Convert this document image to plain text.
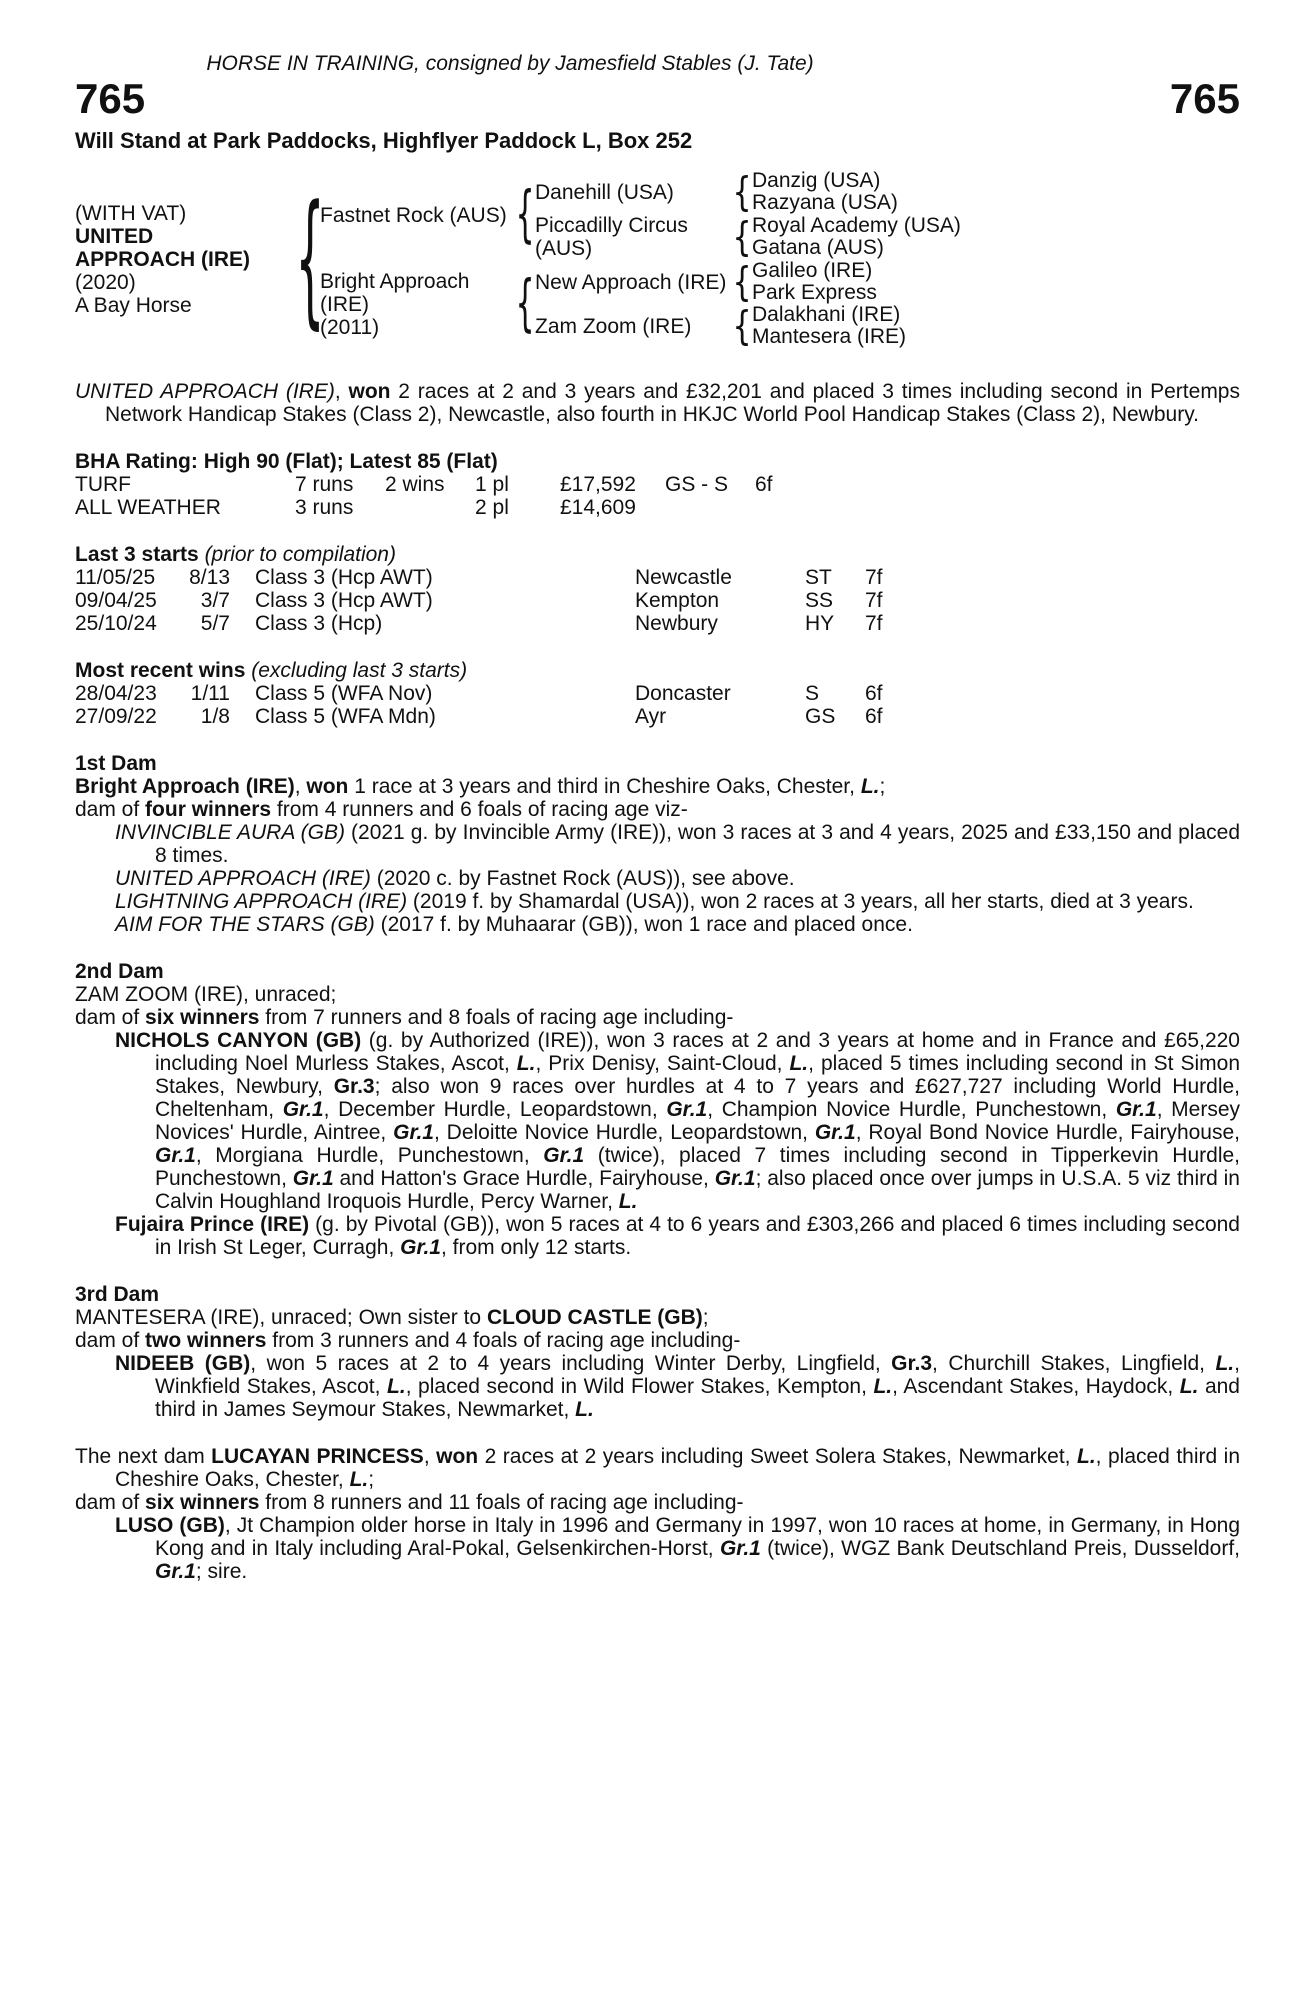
HORSE IN TRAINING, consigned by Jamesfield Stables (J. Tate)
765	765
Will Stand at Park Paddocks, Highflyer Paddock L, Box 252
(WITH VAT)
UNITED
APPROACH (IRE)
(2020)
A Bay Horse	{
Fastnet Rock (AUS) { Danehill (USA)	{ Danzig (USA)
Razyana (USA)
Piccadilly Circus (AUS)	{ Royal Academy (USA)
Gatana (AUS)
Bright Approach (IRE)
(2011)	{ New Approach (IRE) { Galileo (IRE)
Park Express
Zam Zoom (IRE)	{ Dalakhani (IRE)
Mantesera (IRE)
UNITED APPROACH (IRE), won 2 races at 2 and 3 years and £32,201 and placed 3 times including second in Pertemps Network Handicap Stakes (Class 2), Newcastle, also fourth in HKJC World Pool Handicap Stakes (Class 2), Newbury.
BHA Rating: High 90 (Flat); Latest 85 (Flat)
TURF	7 runs	2 wins	1 pl	£17,592	GS - S	6f
ALL WEATHER	3 runs	2 pl	£14,609
Last 3 starts (prior to compilation)
11/05/25	8/13	Class 3 (Hcp AWT)	Newcastle	ST	7f
09/04/25	3/7	Class 3 (Hcp AWT)	Kempton	SS	7f
25/10/24	5/7	Class 3 (Hcp)	Newbury	HY	7f
Most recent wins (excluding last 3 starts)
28/04/23	1/11	Class 5 (WFA Nov)	Doncaster	S	6f
27/09/22	1/8	Class 5 (WFA Mdn)	Ayr	GS	6f
1st Dam
Bright Approach (IRE), won 1 race at 3 years and third in Cheshire Oaks, Chester, L.;
dam of four winners from 4 runners and 6 foals of racing age viz-
INVINCIBLE AURA (GB) (2021 g. by Invincible Army (IRE)), won 3 races at 3 and 4 years, 2025 and £33,150 and placed 8 times.
UNITED APPROACH (IRE) (2020 c. by Fastnet Rock (AUS)), see above.
LIGHTNING APPROACH (IRE) (2019 f. by Shamardal (USA)), won 2 races at 3 years, all her starts, died at 3 years.
AIM FOR THE STARS (GB) (2017 f. by Muhaarar (GB)), won 1 race and placed once.
2nd Dam
ZAM ZOOM (IRE), unraced;
dam of six winners from 7 runners and 8 foals of racing age including-
NICHOLS CANYON (GB) (g. by Authorized (IRE)), won 3 races at 2 and 3 years at home and in France and £65,220 including Noel Murless Stakes, Ascot, L., Prix Denisy, Saint-Cloud, L., placed 5 times including second in St Simon Stakes, Newbury, Gr.3; also won 9 races over hurdles at 4 to 7 years and £627,727 including World Hurdle, Cheltenham, Gr.1, December Hurdle, Leopardstown, Gr.1, Champion Novice Hurdle, Punchestown, Gr.1, Mersey Novices' Hurdle, Aintree, Gr.1, Deloitte Novice Hurdle, Leopardstown, Gr.1, Royal Bond Novice Hurdle, Fairyhouse, Gr.1, Morgiana Hurdle, Punchestown, Gr.1 (twice), placed 7 times including second in Tipperkevin Hurdle, Punchestown, Gr.1 and Hatton's Grace Hurdle, Fairyhouse, Gr.1; also placed once over jumps in U.S.A. 5 viz third in Calvin Houghland Iroquois Hurdle, Percy Warner, L.
Fujaira Prince (IRE) (g. by Pivotal (GB)), won 5 races at 4 to 6 years and £303,266 and placed 6 times including second in Irish St Leger, Curragh, Gr.1, from only 12 starts.
3rd Dam
MANTESERA (IRE), unraced; Own sister to CLOUD CASTLE (GB);
dam of two winners from 3 runners and 4 foals of racing age including-
NIDEEB (GB), won 5 races at 2 to 4 years including Winter Derby, Lingfield, Gr.3, Churchill Stakes, Lingfield, L., Winkfield Stakes, Ascot, L., placed second in Wild Flower Stakes, Kempton, L., Ascendant Stakes, Haydock, L. and third in James Seymour Stakes, Newmarket, L.
The next dam LUCAYAN PRINCESS, won 2 races at 2 years including Sweet Solera Stakes, Newmarket, L., placed third in Cheshire Oaks, Chester, L.;
dam of six winners from 8 runners and 11 foals of racing age including-
LUSO (GB), Jt Champion older horse in Italy in 1996 and Germany in 1997, won 10 races at home, in Germany, in Hong Kong and in Italy including Aral-Pokal, Gelsenkirchen-Horst, Gr.1 (twice), WGZ Bank Deutschland Preis, Dusseldorf, Gr.1; sire.
